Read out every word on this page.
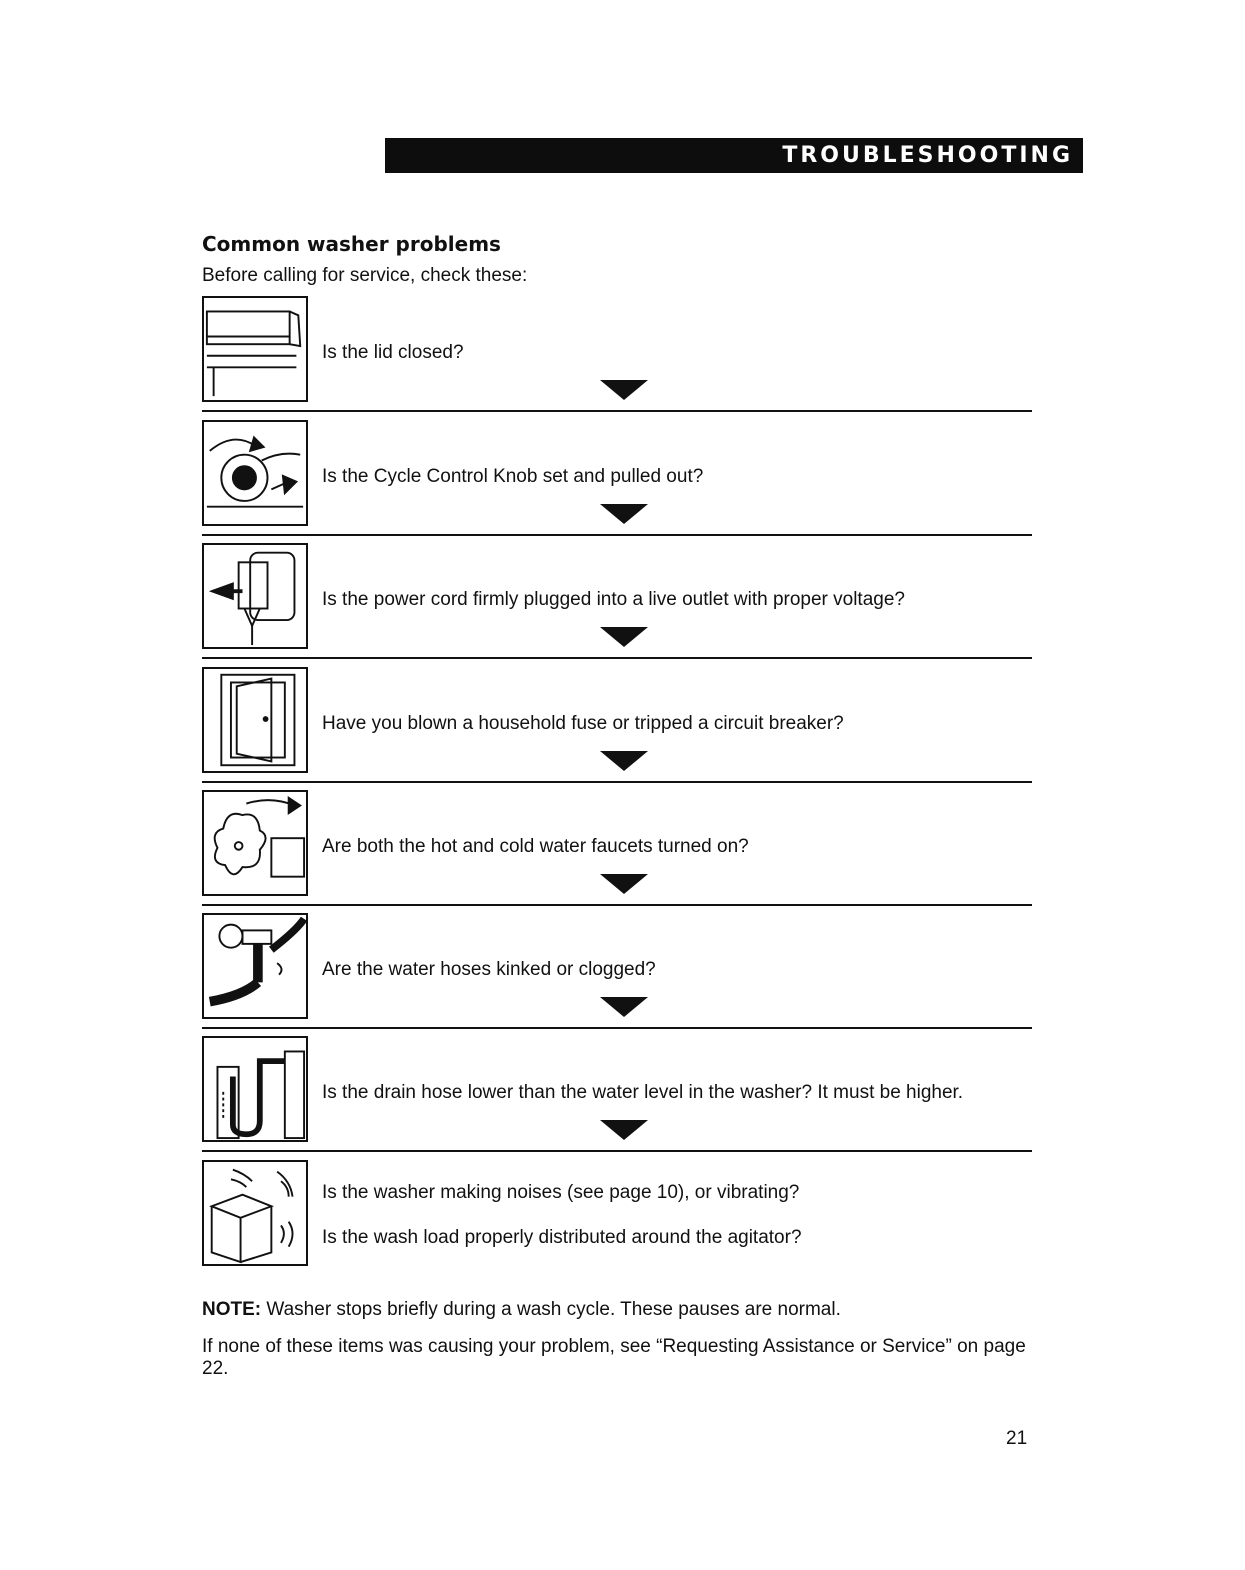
TROUBLESHOOTING
Common washer problems
Before calling for service, check these:
Is the lid closed?
Is the Cycle Control Knob set and pulled out?
Is the power cord firmly plugged into a live outlet with proper voltage?
Have you blown a household fuse or tripped a circuit breaker?
Are both the hot and cold water faucets turned on?
Are the water hoses kinked or clogged?
Is the drain hose lower than the water level in the washer? It must be higher.
Is the washer making noises (see page 10), or vibrating?
Is the wash load properly distributed around the agitator?
NOTE: Washer stops briefly during a wash cycle. These pauses are normal.
If none of these items was causing your problem, see “Requesting Assistance or Service” on page 22.
21
